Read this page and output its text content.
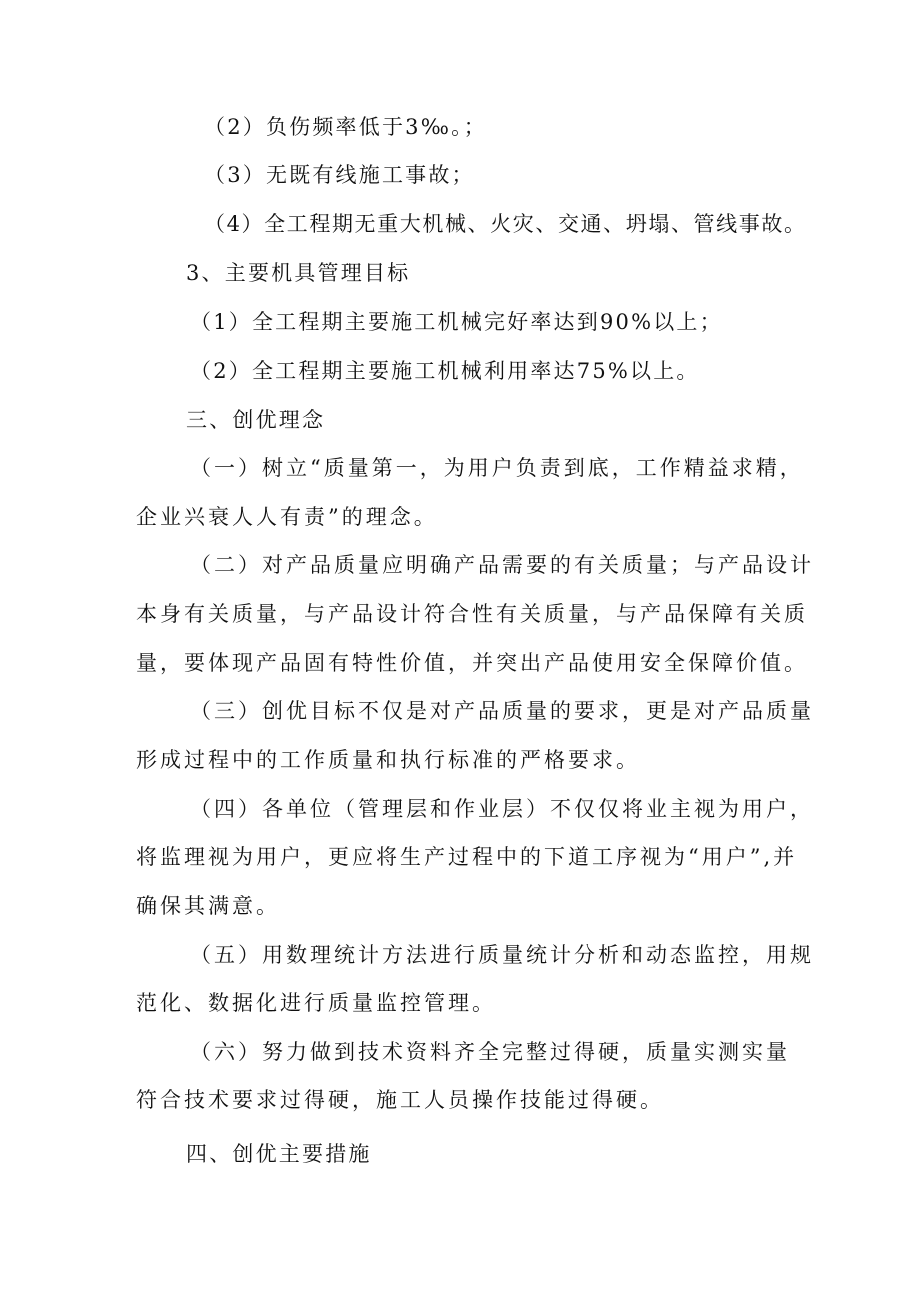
（2）负伤频率低于3‰。；

（3）无既有线施工事故；

（4）全工程期无重大机械、火灾、交通、坍塌、管线事故。

3、主要机具管理目标

（1）全工程期主要施工机械完好率达到90%以上；

（2）全工程期主要施工机械利用率达75%以上。

三、创优理念

（一）树立“质量第一，为用户负责到底，工作精益求精，

企业兴衰人人有责”的理念。

（二）对产品质量应明确产品需要的有关质量；与产品设计

本身有关质量，与产品设计符合性有关质量，与产品保障有关质

量，要体现产品固有特性价值，并突出产品使用安全保障价值。

（三）创优目标不仅是对产品质量的要求，更是对产品质量

形成过程中的工作质量和执行标准的严格要求。

（四）各单位（管理层和作业层）不仅仅将业主视为用户，

将监理视为用户，更应将生产过程中的下道工序视为“用户”,并

确保其满意。

（五）用数理统计方法进行质量统计分析和动态监控，用规

范化、数据化进行质量监控管理。

（六）努力做到技术资料齐全完整过得硬，质量实测实量

符合技术要求过得硬，施工人员操作技能过得硬。

四、创优主要措施
